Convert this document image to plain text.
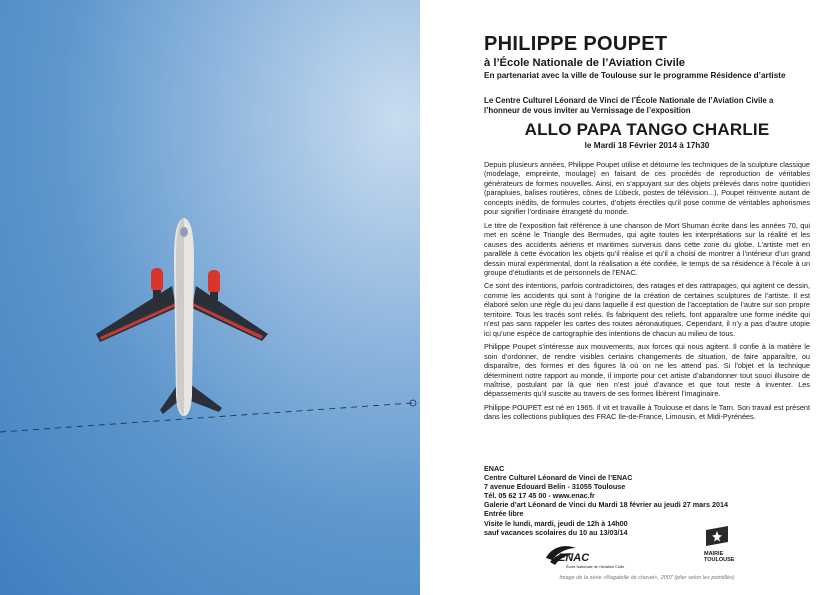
PHILIPPE POUPET
à l’École Nationale de l’Aviation Civile
En partenariat avec la ville de Toulouse sur le programme Résidence d’artiste
Le Centre Culturel Léonard de Vinci de l’École Nationale de l’Aviation Civile a l’honneur de vous inviter au Vernissage de l’exposition
ALLO PAPA TANGO CHARLIE
le Mardi 18 Février 2014 à 17h30

Depuis plusieurs années, Philippe Poupet utilise et détourne les techniques de la sculpture classique (modelage, empreinte, moulage) en faisant de ces procédés de reproduction de véritables générateurs de formes nouvelles. Ainsi, en s’appuyant sur des objets prélevés dans notre quotidien (parapluies, balises routières, cônes de Lübeck, postes de télévision...), Poupet réinvente autant de concepts inédits, de formules courtes, d’objets érectiles qu’il pose comme de véritables aphorismes pour signifier l’ordinaire étrangeté du monde.

Le titre de l’exposition fait référence à une chanson de Mort Shuman écrite dans les années 70, qui met en scène le Triangle des Bermudes, qui agite toutes les interprétations sur la réalité et les causes des accidents aériens et maritimes survenus dans cette zone du globe. L’artiste met en parallèle à cette évocation les objets qu’il réalise et qu’il a choisi de montrer à l’intérieur d’un grand dessin mural expérimental, dont la réalisation a été confiée, le temps de sa résidence à l’école à un groupe d’étudiants et de personnels de l’ENAC.

Ce sont des intentions, parfois contradictoires, des ratages et des rattrapages, qui agitent ce dessin, comme les accidents qui sont à l’origine de la création de certaines sculptures de l’artiste. Il est élaboré selon une règle du jeu dans laquelle il est question de l’acceptation de l’autre sur son propre territoire. Tous les tracés sont reliés. Ils fabriquent des reliefs, font apparaître une forme inédite qui n’est pas sans rappeler les cartes des routes aéronautiques. Cependant, il n’y a pas d’autre utopie ici qu’une espèce de cartographie des intentions de chacun au milieu de tous.

Philippe Poupet s’intéresse aux mouvements, aux forces qui nous agitent. Il confie à la matière le soin d’ordonner, de rendre visibles certains changements de situation, de faire apparaître, ou disparaître, des formes et des figures là où on ne les attend pas. Si l’objet et la technique déterminent notre rapport au monde, il importe pour cet artiste d’abandonner tout souci illusoire de maîtrise, postulant par là que rien n’est joué d’avance et que tout reste à inventer. Les dépassements qu’il suscite au travers de ses formes libèrent l’imaginaire.

Philippe POUPET est né en 1965. Il vit et travaille à Toulouse et dans le Tarn. Son travail est présent dans les collections publiques des FRAC Ile-de-France, Limousin, et Midi-Pyrénées.

ENAC
Centre Culturel Léonard de Vinci de l’ENAC
7 avenue Edouard Belin - 31055 Toulouse
Tél. 05 62 17 45 00 - www.enac.fr
Galerie d’art Léonard de Vinci du Mardi 18 février au jeudi 27 mars 2014
Entrée libre
Visite le lundi, mardi, jeudi de 12h à 14h00
sauf vacances scolaires du 10 au 13/03/14
ENAC
École Nationale de l’Aviation Civile
MAIRIE
TOULOUSE
Image de la série «Bagatelle de chevet», 2007 (plier selon les pointillés)
